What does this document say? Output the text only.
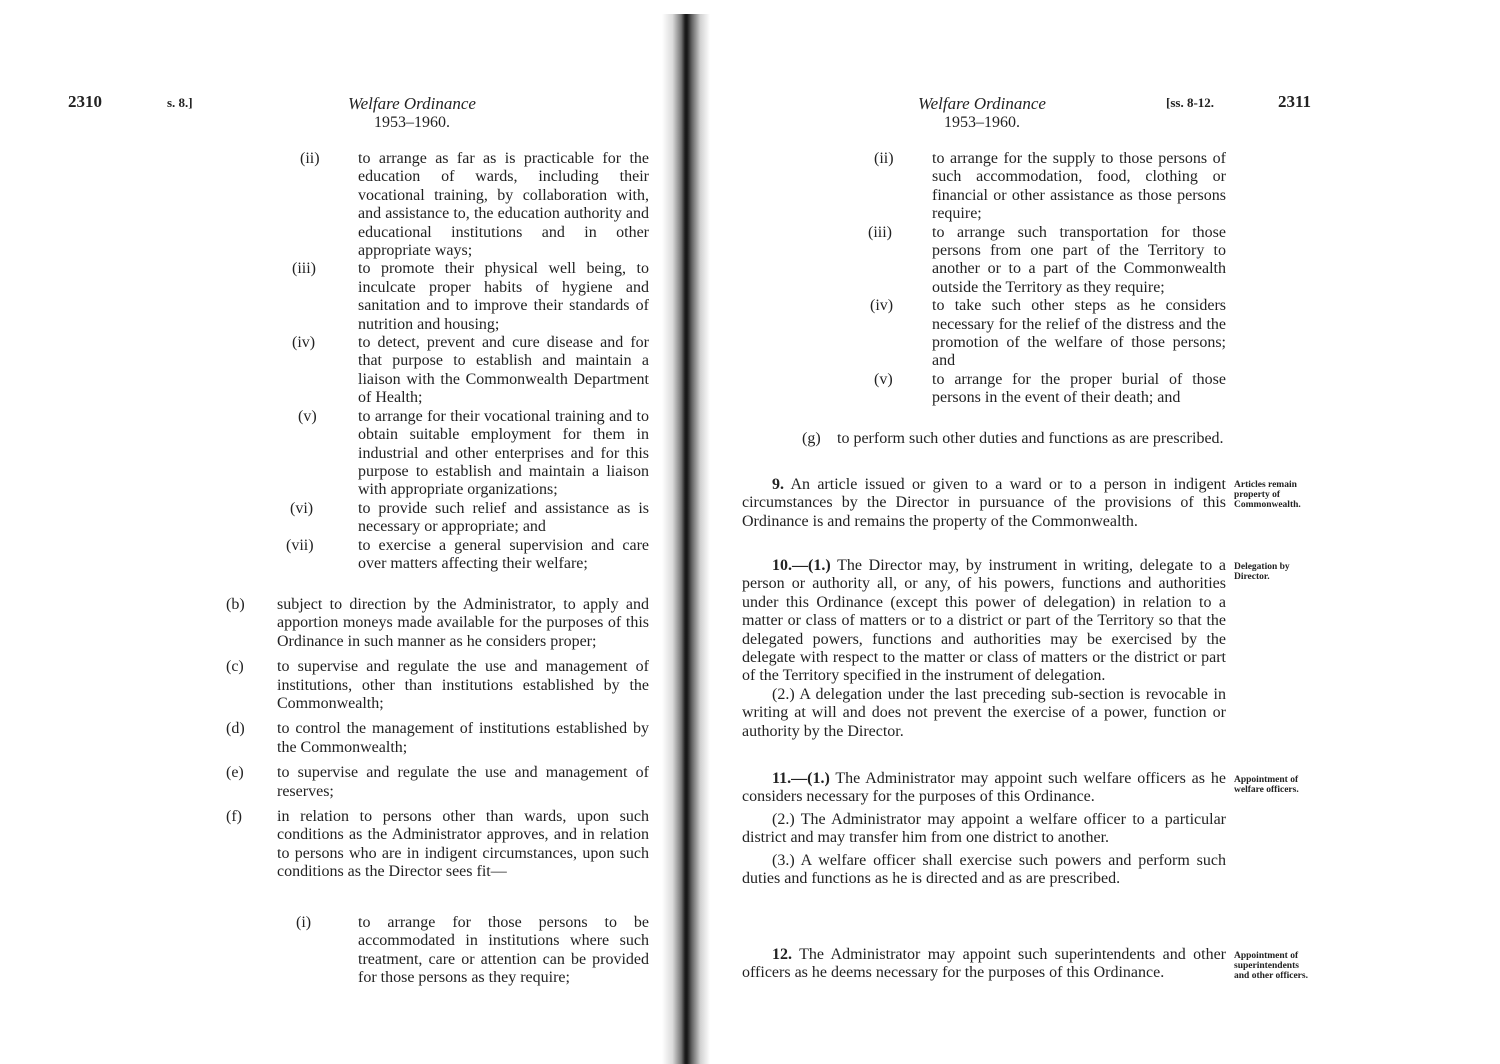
2310	s. 8.]	Welfare Ordinance
1953–1960.
(ii) to arrange as far as is practicable for the education of wards, including their vocational training, by collaboration with, and assistance to, the education authority and educational institutions and in other appropriate ways;
(iii)	to promote their physical well being, to inculcate proper habits of hygiene and sanitation and to improve their standards of nutrition and housing;
(iv)	to detect, prevent and cure disease and for that purpose to establish and maintain a liaison with the Commonwealth Department of Health;
(v)	to arrange for their vocational training and to obtain suitable employment for them in industrial and other enterprises and for this purpose to establish and maintain a liaison with appropriate organizations;
(vi)	to provide such relief and assistance as is necessary or appropriate; and
(vii)	to exercise a general supervision and care over matters affecting their welfare;
(b) subject to direction by the Administrator, to apply and apportion moneys made available for the purposes of this Ordinance in such manner as he considers proper;
(c) to supervise and regulate the use and management of institutions, other than institutions established by the Commonwealth;
(d) to control the management of institutions established by the Commonwealth;
(e) to supervise and regulate the use and management of reserves;
(f) in relation to persons other than wards, upon such conditions as the Administrator approves, and in relation to persons who are in indigent circumstances, upon such conditions as the Director sees fit—
(i)	to arrange for those persons to be accommodated in institutions where such treatment, care or attention can be provided for those persons as they require;
Welfare Ordinance
1953–1960.
[ss. 8-12.	2311
(ii) to arrange for the supply to those persons of such accommodation, food, clothing or financial or other assistance as those persons require;
(iii)	to arrange such transportation for those persons from one part of the Territory to another or to a part of the Commonwealth outside the Territory as they require;
(iv) to take such other steps as he considers necessary for the relief of the distress and the promotion of the welfare of those persons; and
(v) to arrange for the proper burial of those persons in the event of their death; and
(g) to perform such other duties and functions as are prescribed.

9. An article issued or given to a ward or to a person in indigent circumstances by the Director in pursuance of the provisions of this Ordinance is and remains the property of the Commonwealth.

Articles remain property of Commonwealth.

10.—(1.) The Director may, by instrument in writing, delegate to a person or authority all, or any, of his powers, functions and authorities under this Ordinance (except this power of delegation) in relation to a matter or class of matters or to a district or part of the Territory so that the delegated powers, functions and authorities may be exercised by the delegate with respect to the matter or class of matters or the district or part of the Territory specified in the instrument of delegation.

(2.) A delegation under the last preceding sub-section is revocable in writing at will and does not prevent the exercise of a power, function or authority by the Director.

Delegation by Director.

11.—(1.) The Administrator may appoint such welfare officers as he considers necessary for the purposes of this Ordinance.

(2.) The Administrator may appoint a welfare officer to a particular district and may transfer him from one district to another.

(3.) A welfare officer shall exercise such powers and perform such duties and functions as he is directed and as are prescribed.

Appointment of welfare officers.

12. The Administrator may appoint such superintendents and other officers as he deems necessary for the purposes of this Ordinance.

Appointment of superintendents and other officers.
